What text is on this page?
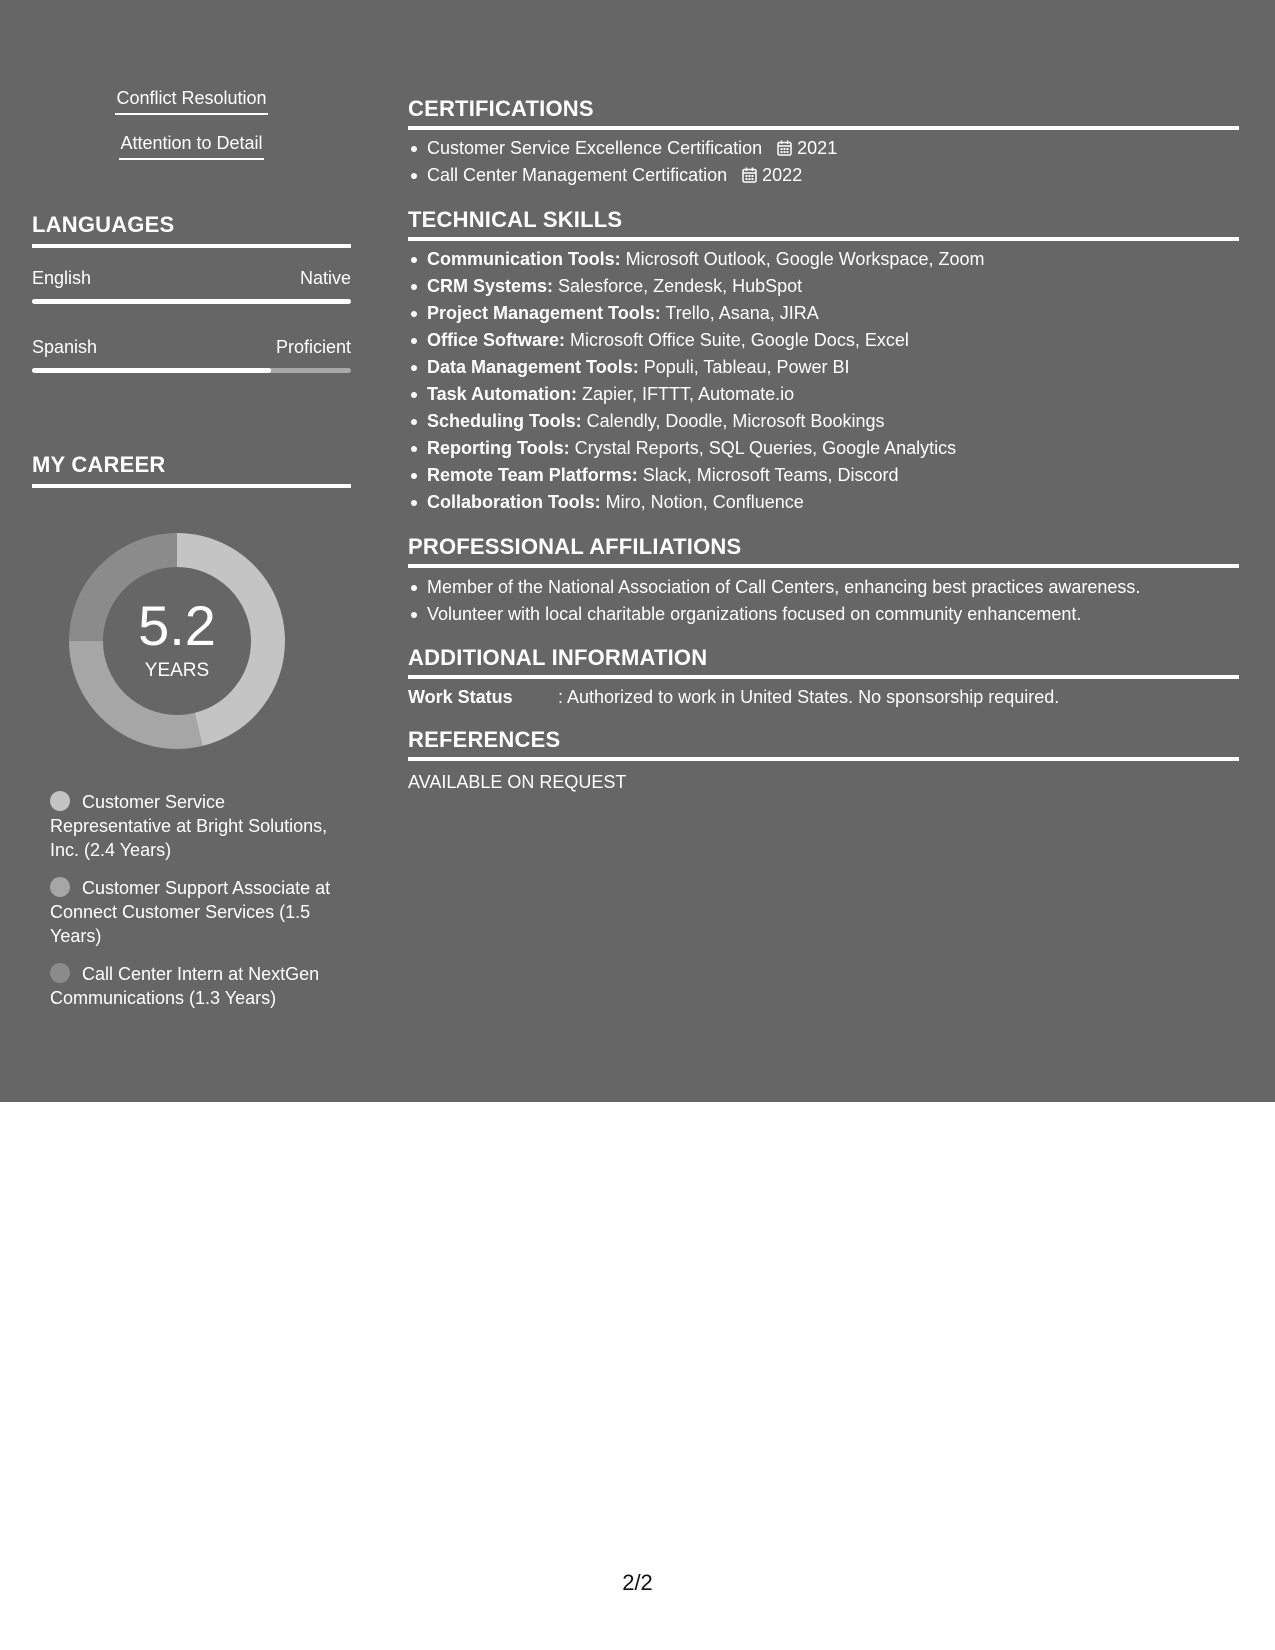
Conflict Resolution
Attention to Detail
LANGUAGES
English	Native
Spanish	Proficient
MY CAREER
5.2
YEARS
Customer Service Representative at Bright Solutions, Inc. (2.4 Years)
Customer Support Associate at Connect Customer Services (1.5 Years)
Call Center Intern at NextGen Communications (1.3 Years)
CERTIFICATIONS
Customer Service Excellence Certification 2021
Call Center Management Certification 2022
TECHNICAL SKILLS
Communication Tools: Microsoft Outlook, Google Workspace, Zoom
CRM Systems: Salesforce, Zendesk, HubSpot
Project Management Tools: Trello, Asana, JIRA
Office Software: Microsoft Office Suite, Google Docs, Excel
Data Management Tools: Populi, Tableau, Power BI
Task Automation: Zapier, IFTTT, Automate.io
Scheduling Tools: Calendly, Doodle, Microsoft Bookings
Reporting Tools: Crystal Reports, SQL Queries, Google Analytics
Remote Team Platforms: Slack, Microsoft Teams, Discord
Collaboration Tools: Miro, Notion, Confluence
PROFESSIONAL AFFILIATIONS
Member of the National Association of Call Centers, enhancing best practices awareness.
Volunteer with local charitable organizations focused on community enhancement.
ADDITIONAL INFORMATION
Work Status	: Authorized to work in United States. No sponsorship required.
REFERENCES
AVAILABLE ON REQUEST
2/2
